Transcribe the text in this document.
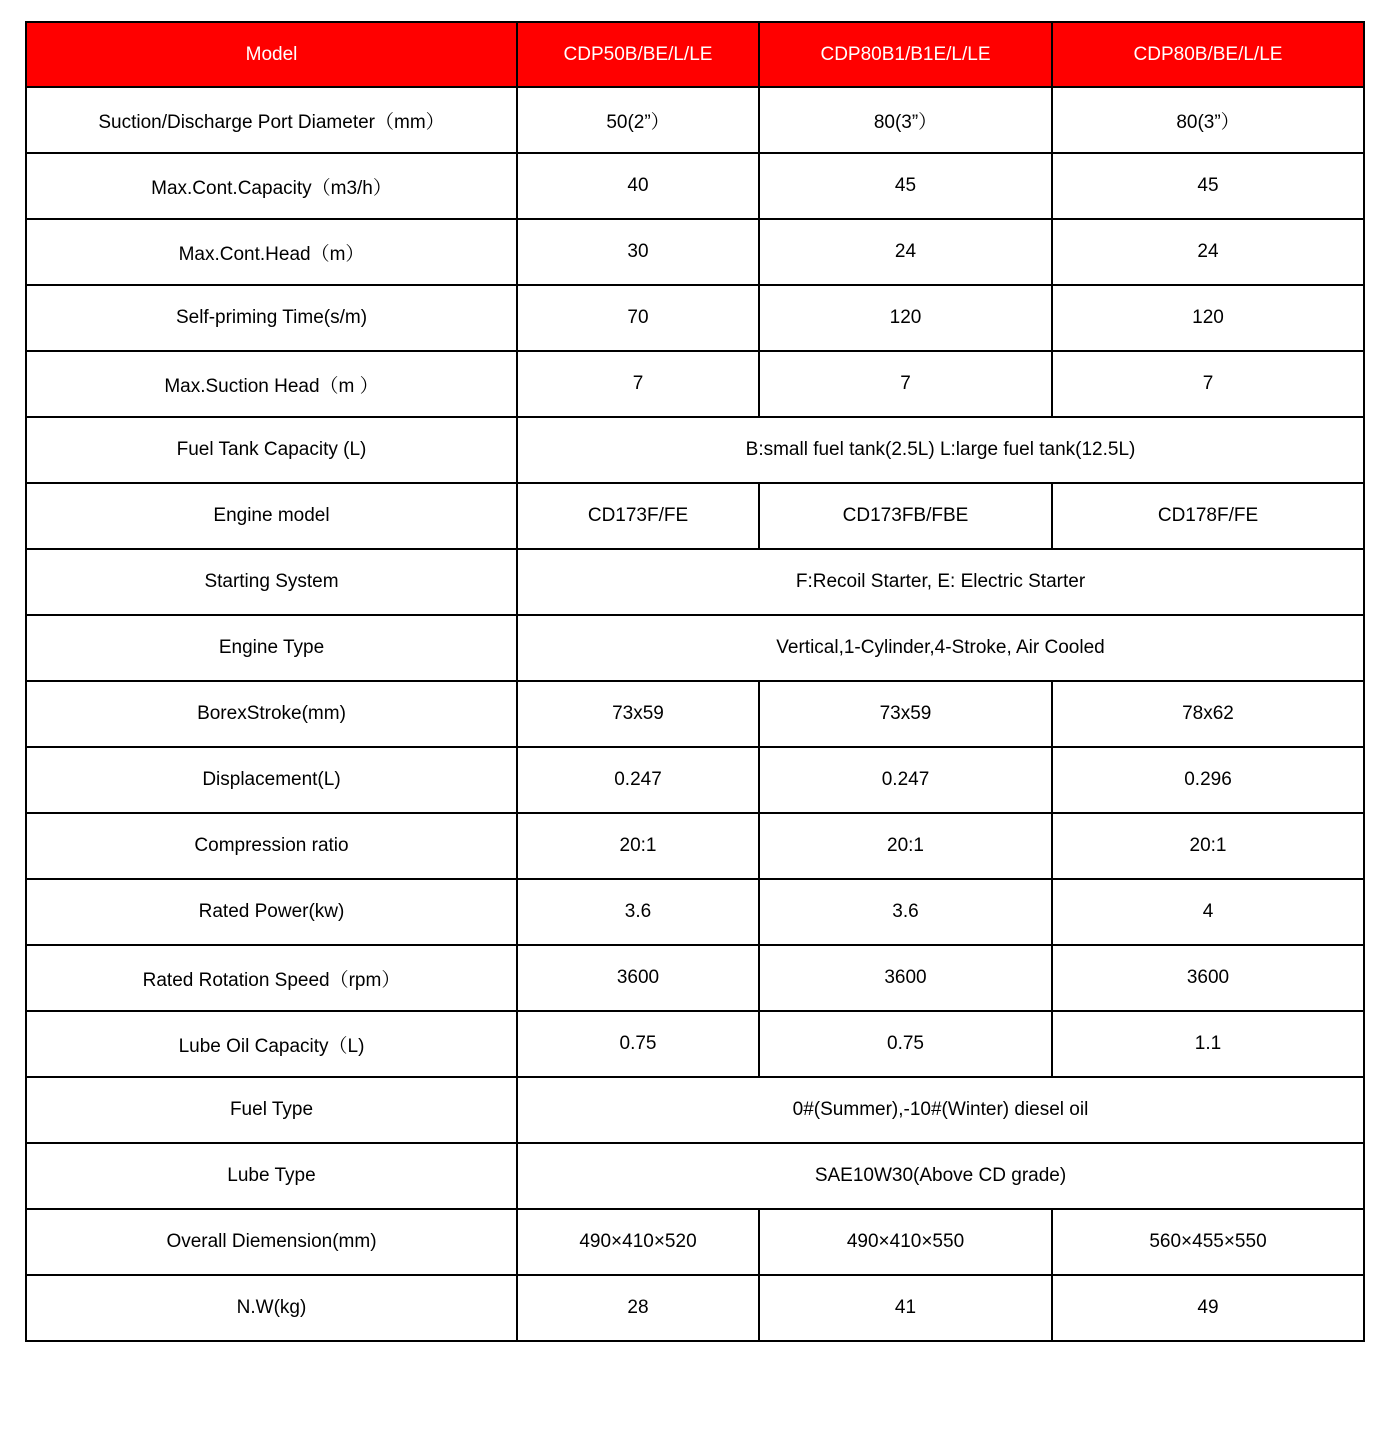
Model	CDP50B/BE/L/LE	CDP80B1/B1E/L/LE	CDP80B/BE/L/LE
Suction/Discharge Port Diameter（mm）	50(2”）	80(3”）	80(3”）
Max.Cont.Capacity（m3/h）	40	45	45
Max.Cont.Head（m）	30	24	24
Self-priming Time(s/m)	70	120	120
Max.Suction Head（m ）	7	7	7
Fuel Tank Capacity (L)	B:small fuel tank(2.5L) L:large fuel tank(12.5L)		
Engine model	CD173F/FE	CD173FB/FBE	CD178F/FE
Starting System	F:Recoil Starter, E: Electric Starter		
Engine Type	Vertical,1-Cylinder,4-Stroke, Air Cooled		
BorexStroke(mm)	73x59	73x59	78x62
Displacement(L)	0.247	0.247	0.296
Compression ratio	20:1	20:1	20:1
Rated Power(kw)	3.6	3.6	4
Rated Rotation Speed（rpm）	3600	3600	3600
Lube Oil Capacity（L)	0.75	0.75	1.1
Fuel Type	0#(Summer),-10#(Winter) diesel oil		
Lube Type	SAE10W30(Above CD grade)		
Overall Diemension(mm)	490×410×520	490×410×550	560×455×550
N.W(kg)	28	41	49
